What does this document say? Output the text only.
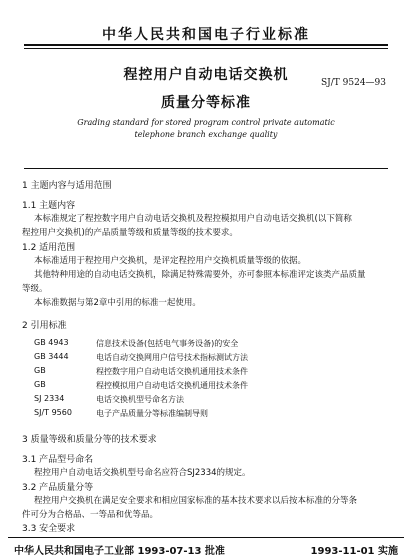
中华人民共和国电子行业标准
程控用户自动电话交换机	SJ/T 9524—93
质量分等标准
Grading standard for stored program control private automatic
telephone branch exchange quality
1 主题内容与适用范围
1.1 主题内容
本标准规定了程控数字用户自动电话交换机及程控模拟用户自动电话交换机(以下简称
程控用户交换机)的产品质量等级和质量等级的技术要求。
1.2 适用范围
本标准适用于程控用户交换机，是评定程控用户交换机质量等级的依据。
其他特种用途的自动电话交换机，除满足特殊需要外，亦可参照本标准评定该类产品质量
等级。
本标准数据与第2章中引用的标准一起使用。
2 引用标准
GB 4943	信息技术设备(包括电气事务设备)的安全
GB 3444	电话自动交换网用户信号技术指标测试方法
GB	程控数字用户自动电话交换机通用技术条件
GB	程控模拟用户自动电话交换机通用技术条件
SJ 2334	电话交换机型号命名方法
SJ/T 9560	电子产品质量分等标准编制导则
3 质量等级和质量分等的技术要求
3.1 产品型号命名
程控用户自动电话交换机型号命名应符合SJ2334的规定。
3.2 产品质量分等
程控用户交换机在满足安全要求和相应国家标准的基本技术要求以后按本标准的分等条
件可分为合格品、一等品和优等品。
3.3 安全要求
中华人民共和国电子工业部 1993-07-13 批准	1993-11-01 实施
